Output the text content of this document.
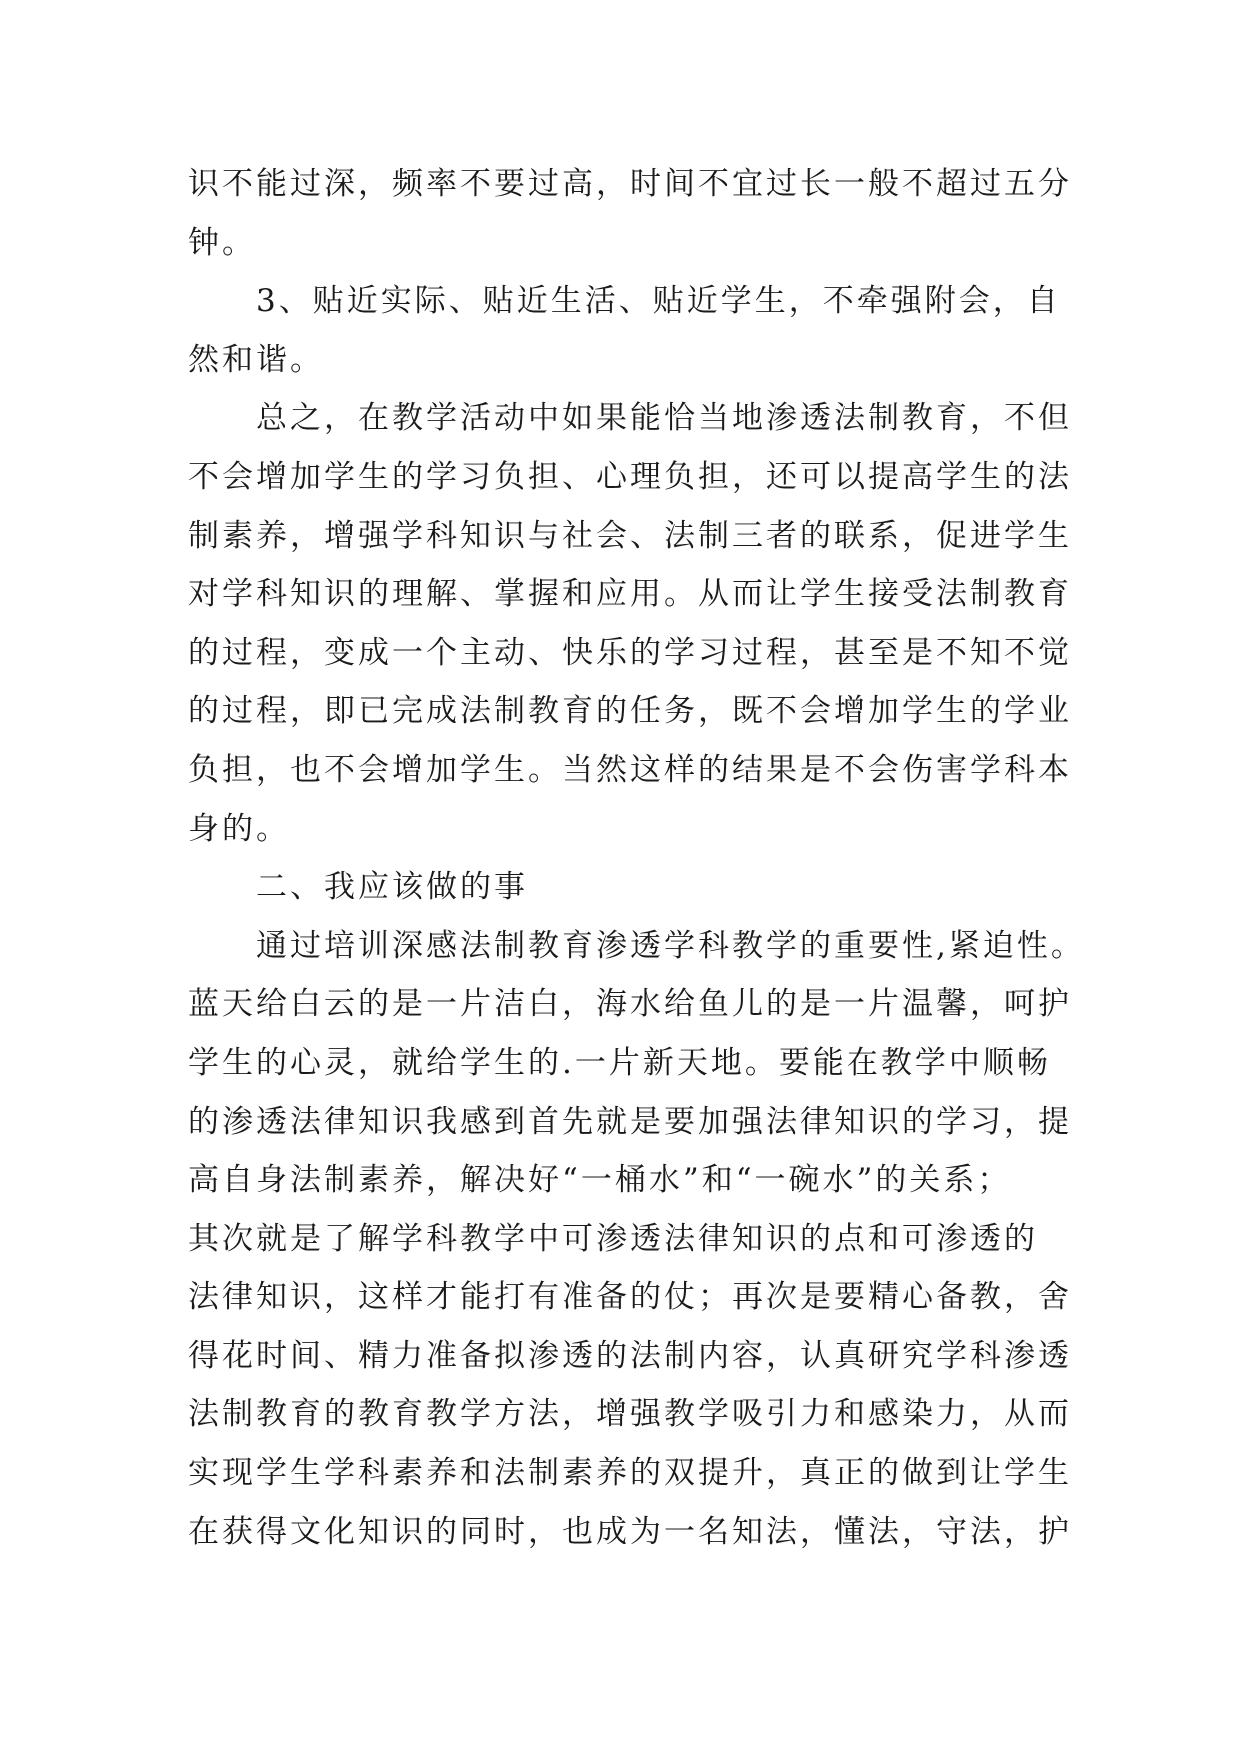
识不能过深，频率不要过高，时间不宜过长一般不超过五分
钟。
3、贴近实际、贴近生活、贴近学生，不牵强附会，自
然和谐。
总之，在教学活动中如果能恰当地渗透法制教育，不但
不会增加学生的学习负担、心理负担，还可以提高学生的法
制素养，增强学科知识与社会、法制三者的联系，促进学生
对学科知识的理解、掌握和应用。从而让学生接受法制教育
的过程，变成一个主动、快乐的学习过程，甚至是不知不觉
的过程，即已完成法制教育的任务，既不会增加学生的学业
负担，也不会增加学生。当然这样的结果是不会伤害学科本
身的。
二、我应该做的事
通过培训深感法制教育渗透学科教学的重要性,紧迫性。
蓝天给白云的是一片洁白，海水给鱼儿的是一片温馨，呵护
学生的心灵，就给学生的.一片新天地。要能在教学中顺畅
的渗透法律知识我感到首先就是要加强法律知识的学习，提
高自身法制素养，解决好“一桶水”和“一碗水”的关系；
其次就是了解学科教学中可渗透法律知识的点和可渗透的
法律知识，这样才能打有准备的仗；再次是要精心备教，舍
得花时间、精力准备拟渗透的法制内容，认真研究学科渗透
法制教育的教育教学方法，增强教学吸引力和感染力，从而
实现学生学科素养和法制素养的双提升，真正的做到让学生
在获得文化知识的同时，也成为一名知法，懂法，守法，护
